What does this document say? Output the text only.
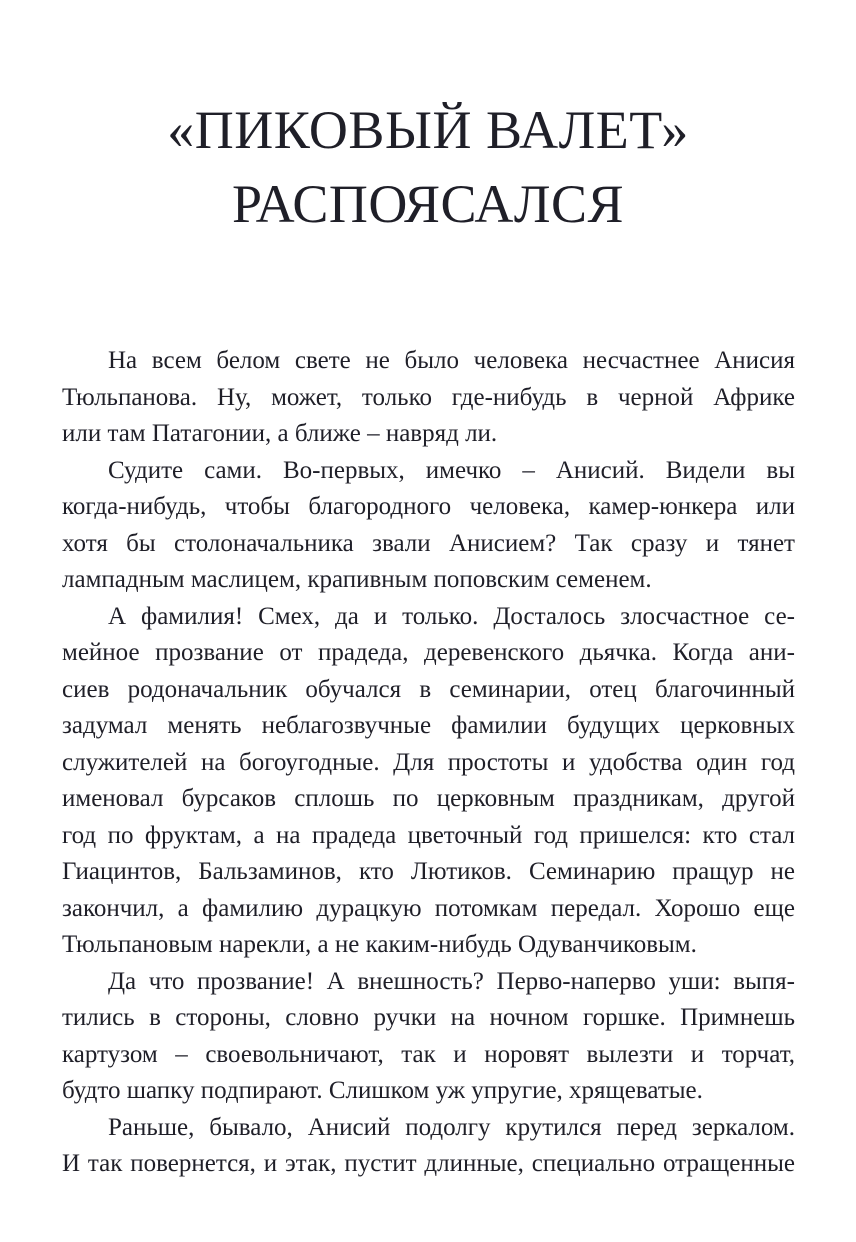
«ПИКОВЫЙ ВАЛЕТ»
РАСПОЯСАЛСЯ
На всем белом свете не было человека несчастнее Анисия
Тюльпанова. Ну, может, только где-нибудь в черной Африке
или там Патагонии, а ближе – навряд ли.
Судите сами. Во-первых, имечко – Анисий. Видели вы
когда-нибудь, чтобы благородного человека, камер-юнкера или
хотя бы столоначальника звали Анисием? Так сразу и тянет
лампадным маслицем, крапивным поповским семенем.
А фамилия! Смех, да и только. Досталось злосчастное се-
мейное прозвание от прадеда, деревенского дьячка. Когда ани-
сиев родоначальник обучался в семинарии, отец благочинный
задумал менять неблагозвучные фамилии будущих церковных
служителей на богоугодные. Для простоты и удобства один год
именовал бурсаков сплошь по церковным праздникам, другой
год по фруктам, а на прадеда цветочный год пришелся: кто стал
Гиацинтов, Бальзаминов, кто Лютиков. Семинарию пращур не
закончил, а фамилию дурацкую потомкам передал. Хорошо еще
Тюльпановым нарекли, а не каким-нибудь Одуванчиковым.
Да что прозвание! А внешность? Перво-наперво уши: выпя-
тились в стороны, словно ручки на ночном горшке. Примнешь
картузом – своевольничают, так и норовят вылезти и торчат,
будто шапку подпирают. Слишком уж упругие, хрящеватые.
Раньше, бывало, Анисий подолгу крутился перед зеркалом.
И так повернется, и этак, пустит длинные, специально отращенные
